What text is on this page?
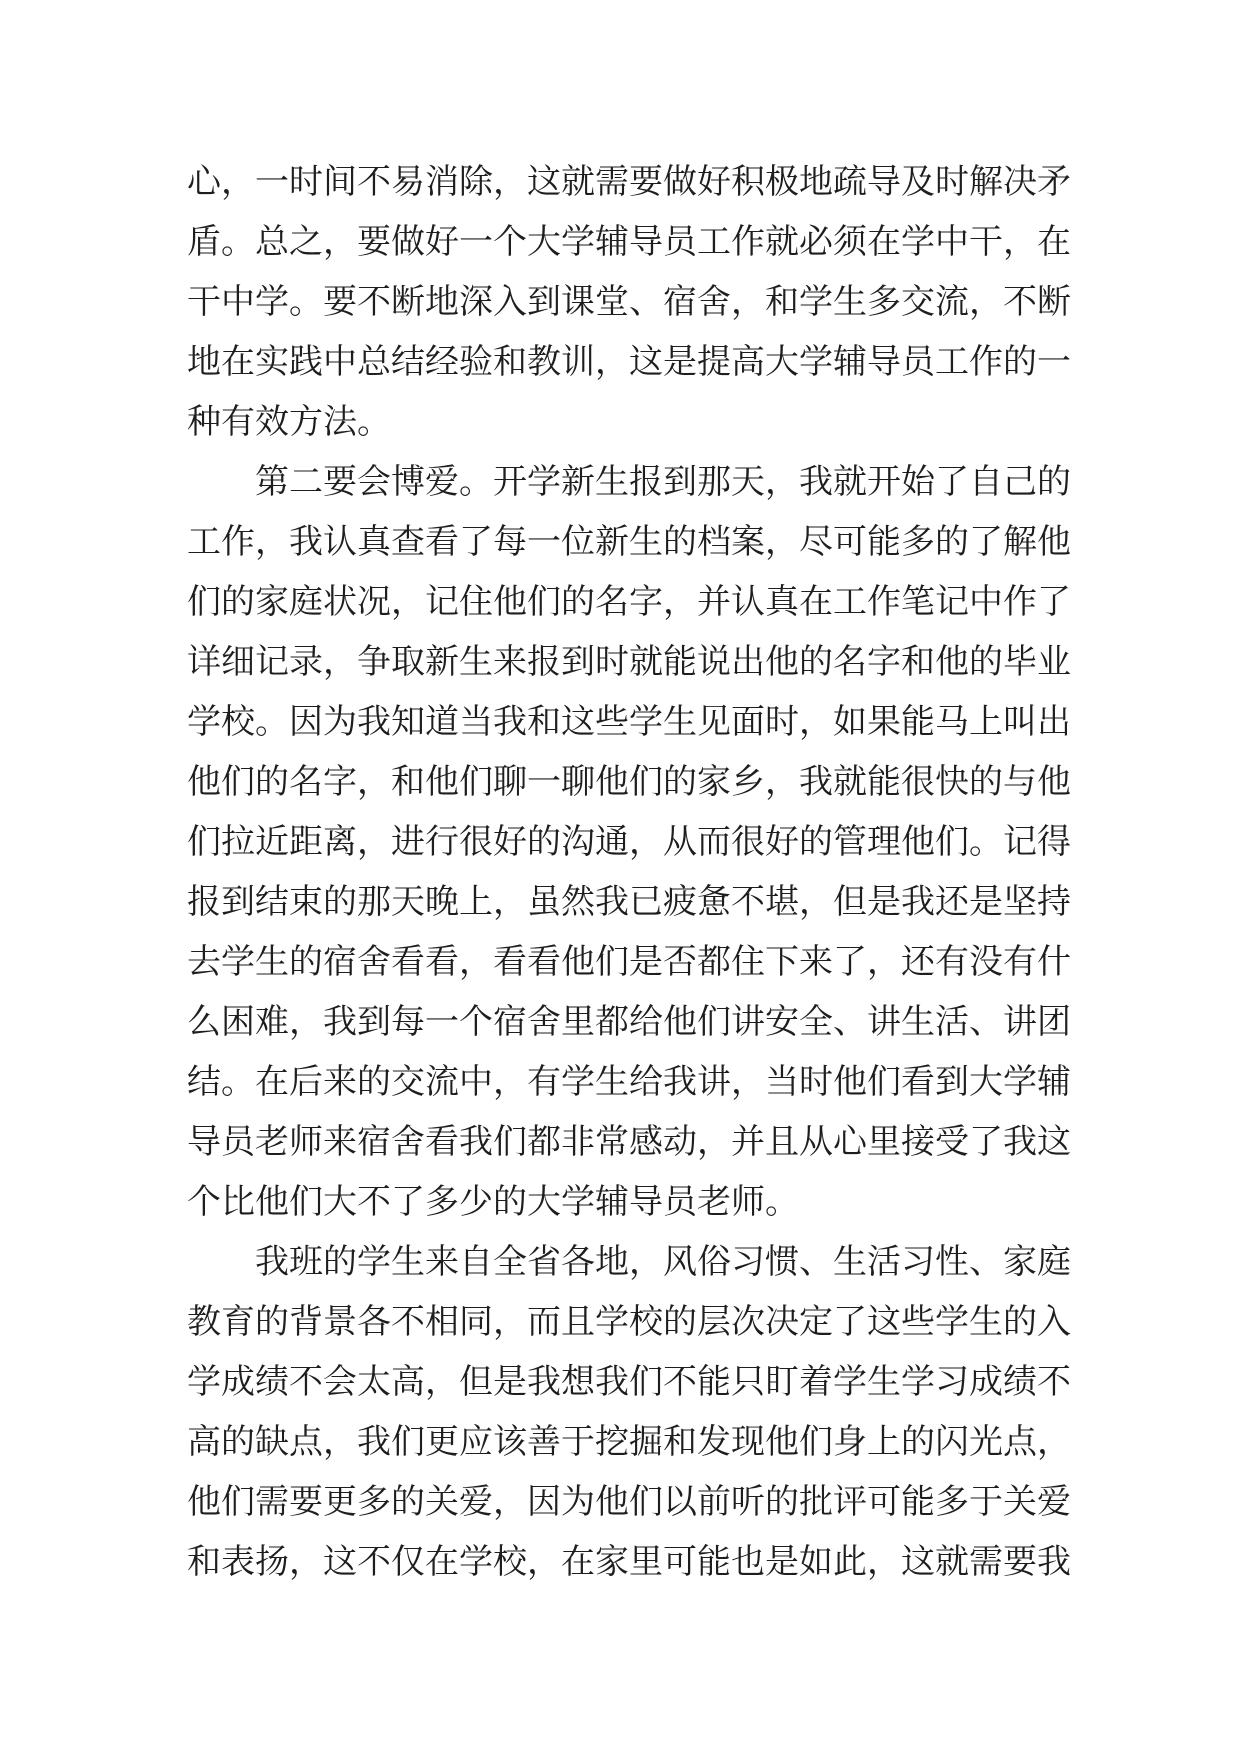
心，一时间不易消除，这就需要做好积极地疏导及时解决矛
盾。总之，要做好一个大学辅导员工作就必须在学中干，在
干中学。要不断地深入到课堂、宿舍，和学生多交流，不断
地在实践中总结经验和教训，这是提高大学辅导员工作的一
种有效方法。
第二要会博爱。开学新生报到那天，我就开始了自己的
工作，我认真查看了每一位新生的档案，尽可能多的了解他
们的家庭状况，记住他们的名字，并认真在工作笔记中作了
详细记录，争取新生来报到时就能说出他的名字和他的毕业
学校。因为我知道当我和这些学生见面时，如果能马上叫出
他们的名字，和他们聊一聊他们的家乡，我就能很快的与他
们拉近距离，进行很好的沟通，从而很好的管理他们。记得
报到结束的那天晚上，虽然我已疲惫不堪，但是我还是坚持
去学生的宿舍看看，看看他们是否都住下来了，还有没有什
么困难，我到每一个宿舍里都给他们讲安全、讲生活、讲团
结。在后来的交流中，有学生给我讲，当时他们看到大学辅
导员老师来宿舍看我们都非常感动，并且从心里接受了我这
个比他们大不了多少的大学辅导员老师。
我班的学生来自全省各地，风俗习惯、生活习性、家庭
教育的背景各不相同，而且学校的层次决定了这些学生的入
学成绩不会太高，但是我想我们不能只盯着学生学习成绩不
高的缺点，我们更应该善于挖掘和发现他们身上的闪光点，
他们需要更多的关爱，因为他们以前听的批评可能多于关爱
和表扬，这不仅在学校，在家里可能也是如此，这就需要我
